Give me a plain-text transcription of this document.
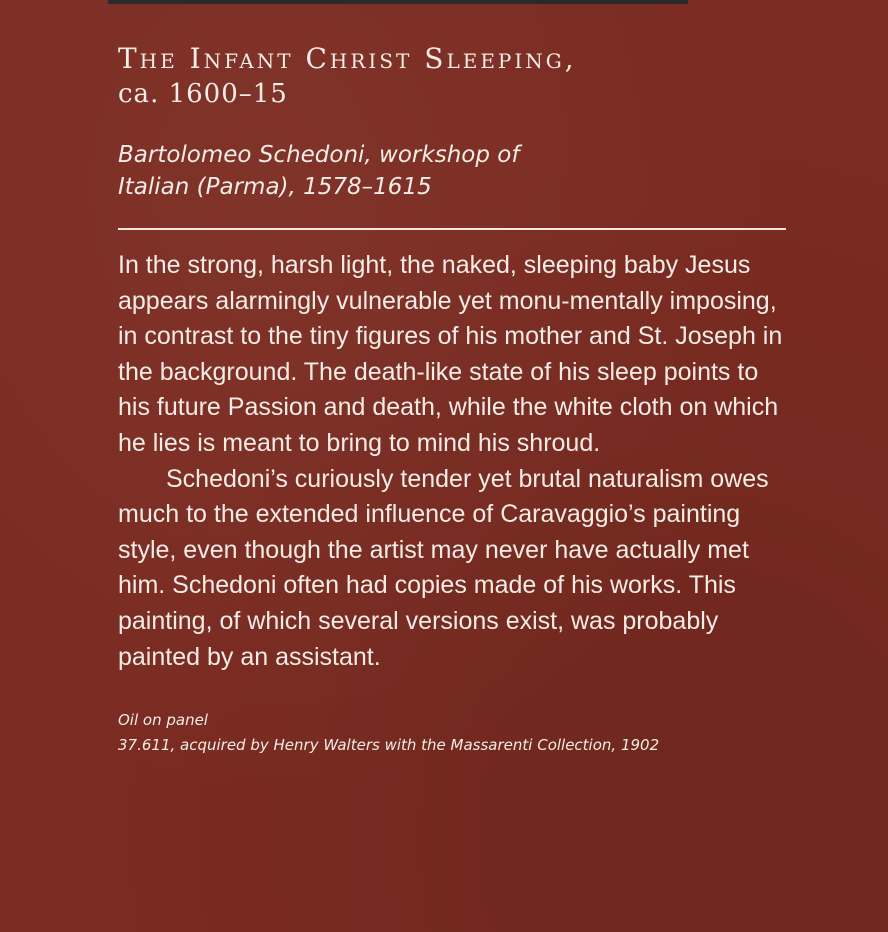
The Infant Christ Sleeping,
ca. 1600–15
Bartolomeo Schedoni, workshop of
Italian (Parma), 1578–1615

In the strong, harsh light, the naked, sleeping baby Jesus appears alarmingly vulnerable yet monu-mentally imposing, in contrast to the tiny figures of his mother and St. Joseph in the background. The death-like state of his sleep points to his future Passion and death, while the white cloth on which he lies is meant to bring to mind his shroud.

Schedoni’s curiously tender yet brutal naturalism owes much to the extended influence of Caravaggio’s painting style, even though the artist may never have actually met him. Schedoni often had copies made of his works. This painting, of which several versions exist, was probably painted by an assistant.

Oil on panel
37.611, acquired by Henry Walters with the Massarenti Collection, 1902
